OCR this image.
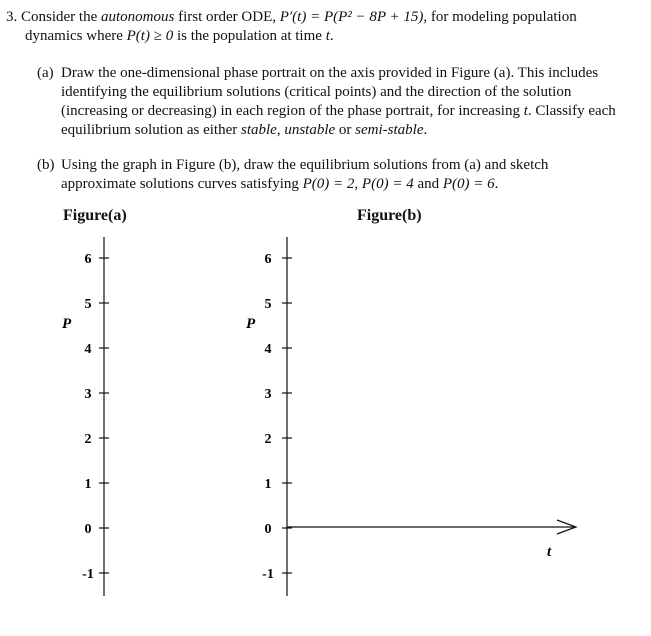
3. Consider the autonomous first order ODE, P′(t) = P(P² − 8P + 15), for modeling population
dynamics where P(t) ≥ 0 is the population at time t.
(a) Draw the one-dimensional phase portrait on the axis provided in Figure (a). This includes
identifying the equilibrium solutions (critical points) and the direction of the solution
(increasing or decreasing) in each region of the phase portrait, for increasing t. Classify each
equilibrium solution as either stable, unstable or semi-stable.
(b) Using the graph in Figure (b), draw the equilibrium solutions from (a) and sketch
approximate solutions curves satisfying P(0) = 2, P(0) = 4 and P(0) = 6.
Figure(a)	Figure(b)
P
6
5
4
3
2
1
0
-1
P
t
6
5
4
3
2
1
0
-1
